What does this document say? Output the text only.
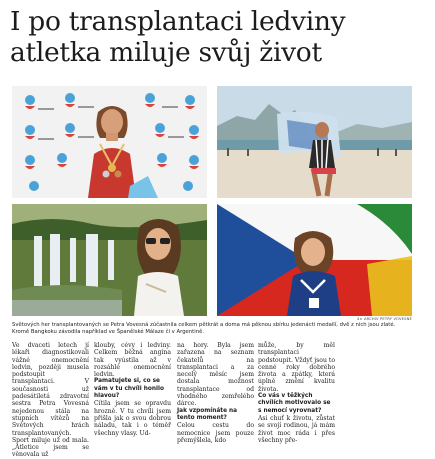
I po transplantaci ledviny
atletka miluje svůj život
4× ARCHIV PETRY VOVESNÉ

Světových her transplantovaných se Petra Vovesná zúčastnila celkem pětkrát a doma má pěknou sbírku jedenácti medailí, dvě z nich jsou zlaté. Kromě Bangkoku závodila například ve Španělské Málaze či v Argentině.

Ve dvaceti letech jí lékaři diagnostikovali vážné onemocnění ledvin, později musela podstoupit transplantaci. V současnosti už padesátiletá zdravotní sestra Petra Vovesná nejedenou stála na stupních vítězů na Světových hrách transplantovaných. Sport miluje už od mala. „Atletice jsem se věnovala už

klouby, cévy i ledviny. Celkem běžná angína tak vyústila až v rozsáhlé onemocnění ledvin.

Pamatujete si, co se vám v tu chvíli honilo hlavou?

Cítila jsem se opravdu hrozně. V tu chvíli jsem přišla jak o svou dobrou náladu, tak i o téměř všechny vlasy. Ud-

na hory. Byla jsem zařazena na seznam čekatelů na transplantaci a za necelý měsíc jsem dostala možnost transplantace od vhodného zemřelého dárce.

Jak vzpomínáte na tento moment?

Celou cestu do nemocnice jsem pouze přemýšlela, kdo

může, by měl transplantaci podstoupit. Vždyť jsou to cenné roky dobrého života a zpátky, která úplně změní kvalitu života.

Co vás v těžkých chvílích motivovalo se s nemocí vyrovnat?

Asi chuť k životu, zůstat se svojí rodinou, já mám život moc ráda i přes všechny pře-
